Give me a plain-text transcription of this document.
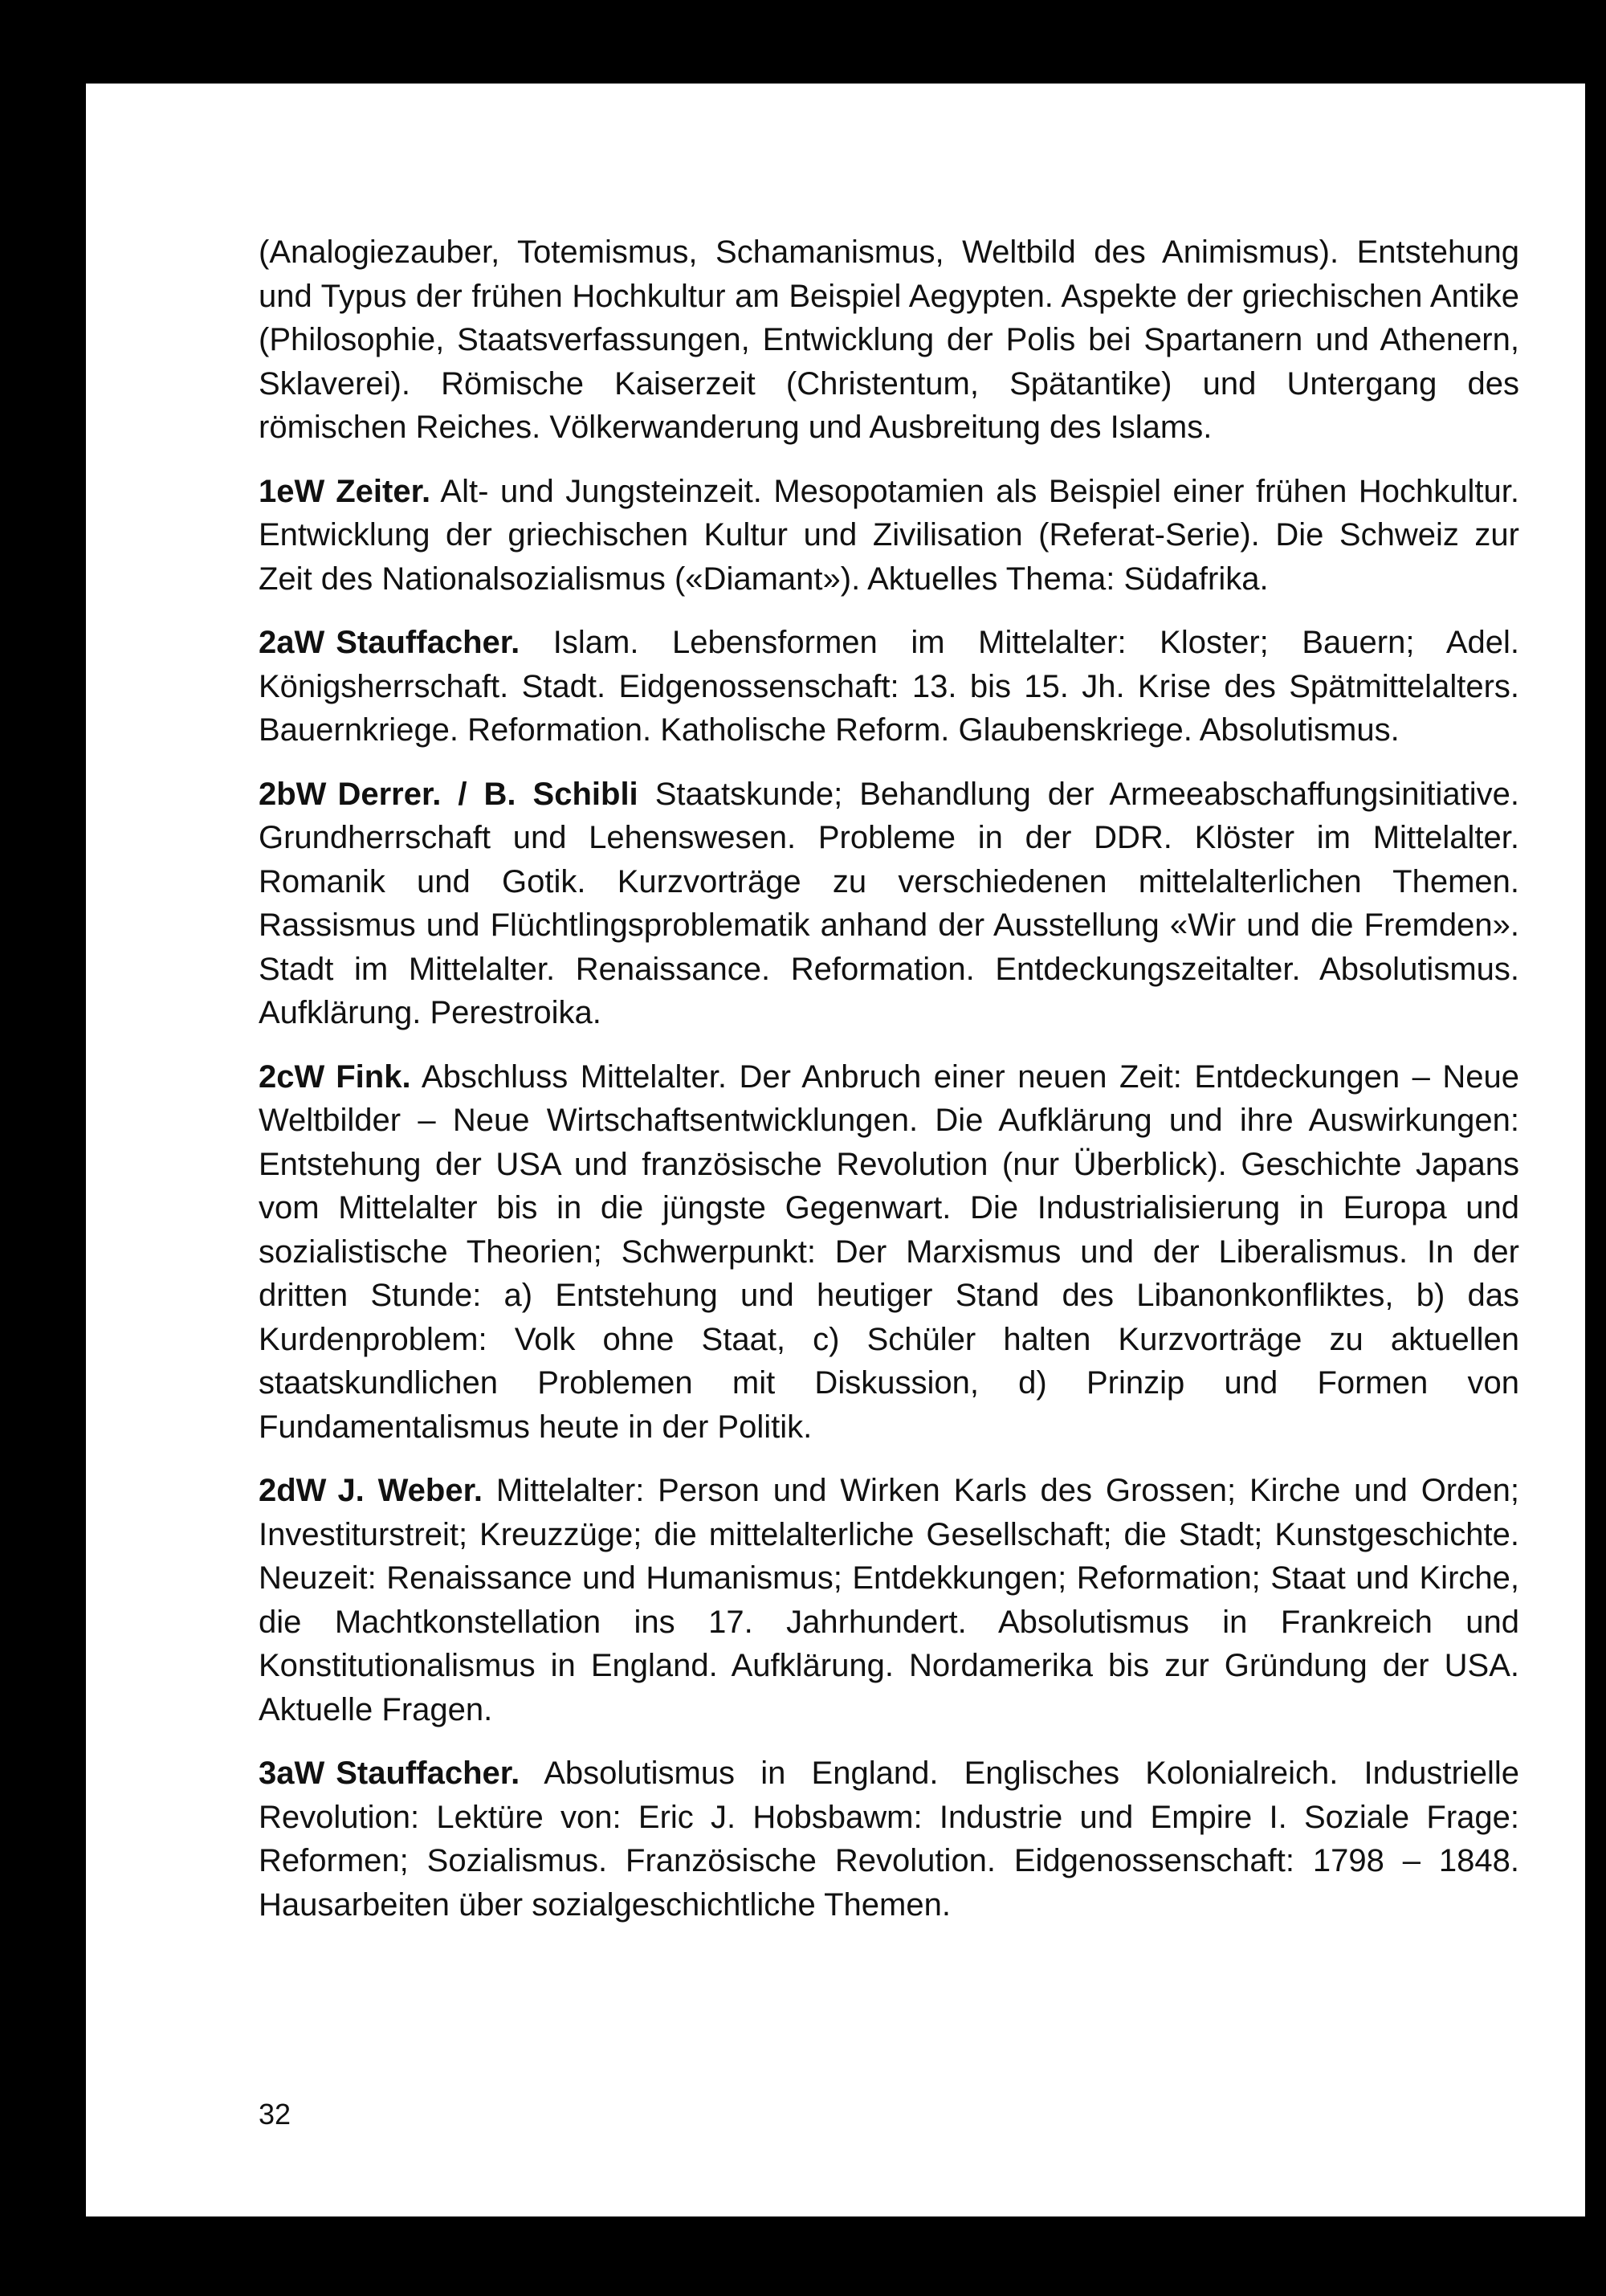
(Analogiezauber, Totemismus, Schamanismus, Weltbild des Animismus). Entstehung und Typus der frühen Hochkultur am Beispiel Aegypten. Aspekte der griechischen Antike (Philosophie, Staatsverfassungen, Entwicklung der Polis bei Spartanern und Athenern, Sklaverei). Römische Kaiserzeit (Christentum, Spätantike) und Untergang des römischen Reiches. Völkerwanderung und Ausbreitung des Islams.

1eW Zeiter. Alt- und Jungsteinzeit. Mesopotamien als Beispiel einer frühen Hochkultur. Entwicklung der griechischen Kultur und Zivilisation (Referat-Serie). Die Schweiz zur Zeit des Nationalsozialismus («Diamant»). Aktuelles Thema: Südafrika.

2aW Stauffacher. Islam. Lebensformen im Mittelalter: Kloster; Bauern; Adel. Königsherrschaft. Stadt. Eidgenossenschaft: 13. bis 15. Jh. Krise des Spätmittelalters. Bauernkriege. Reformation. Katholische Reform. Glaubenskriege. Absolutismus.

2bW Derrer. / B. Schibli Staatskunde; Behandlung der Armeeabschaffungsinitiative. Grundherrschaft und Lehenswesen. Probleme in der DDR. Klöster im Mittelalter. Romanik und Gotik. Kurzvorträge zu verschiedenen mittelalterlichen Themen. Rassismus und Flüchtlingsproblematik anhand der Ausstellung «Wir und die Fremden». Stadt im Mittelalter. Renaissance. Reformation. Entdeckungszeitalter. Absolutismus. Aufklärung. Perestroika.

2cW Fink. Abschluss Mittelalter. Der Anbruch einer neuen Zeit: Entdeckungen – Neue Weltbilder – Neue Wirtschaftsentwicklungen. Die Aufklärung und ihre Auswirkungen: Entstehung der USA und französische Revolution (nur Überblick). Geschichte Japans vom Mittelalter bis in die jüngste Gegenwart. Die Industrialisierung in Europa und sozialistische Theorien; Schwerpunkt: Der Marxismus und der Liberalismus. In der dritten Stunde: a) Entstehung und heutiger Stand des Libanonkonfliktes, b) das Kurdenproblem: Volk ohne Staat, c) Schüler halten Kurzvorträge zu aktuellen staatskundlichen Problemen mit Diskussion, d) Prinzip und Formen von Fundamentalismus heute in der Politik.

2dW J. Weber. Mittelalter: Person und Wirken Karls des Grossen; Kirche und Orden; Investiturstreit; Kreuzzüge; die mittelalterliche Gesellschaft; die Stadt; Kunstgeschichte. Neuzeit: Renaissance und Humanismus; Entdekkungen; Reformation; Staat und Kirche, die Machtkonstellation ins 17. Jahrhundert. Absolutismus in Frankreich und Konstitutionalismus in England. Aufklärung. Nordamerika bis zur Gründung der USA. Aktuelle Fragen.

3aW Stauffacher. Absolutismus in England. Englisches Kolonialreich. Industrielle Revolution: Lektüre von: Eric J. Hobsbawm: Industrie und Empire I. Soziale Frage: Reformen; Sozialismus. Französische Revolution. Eidgenossenschaft: 1798 – 1848. Hausarbeiten über sozialgeschichtliche Themen.

32
